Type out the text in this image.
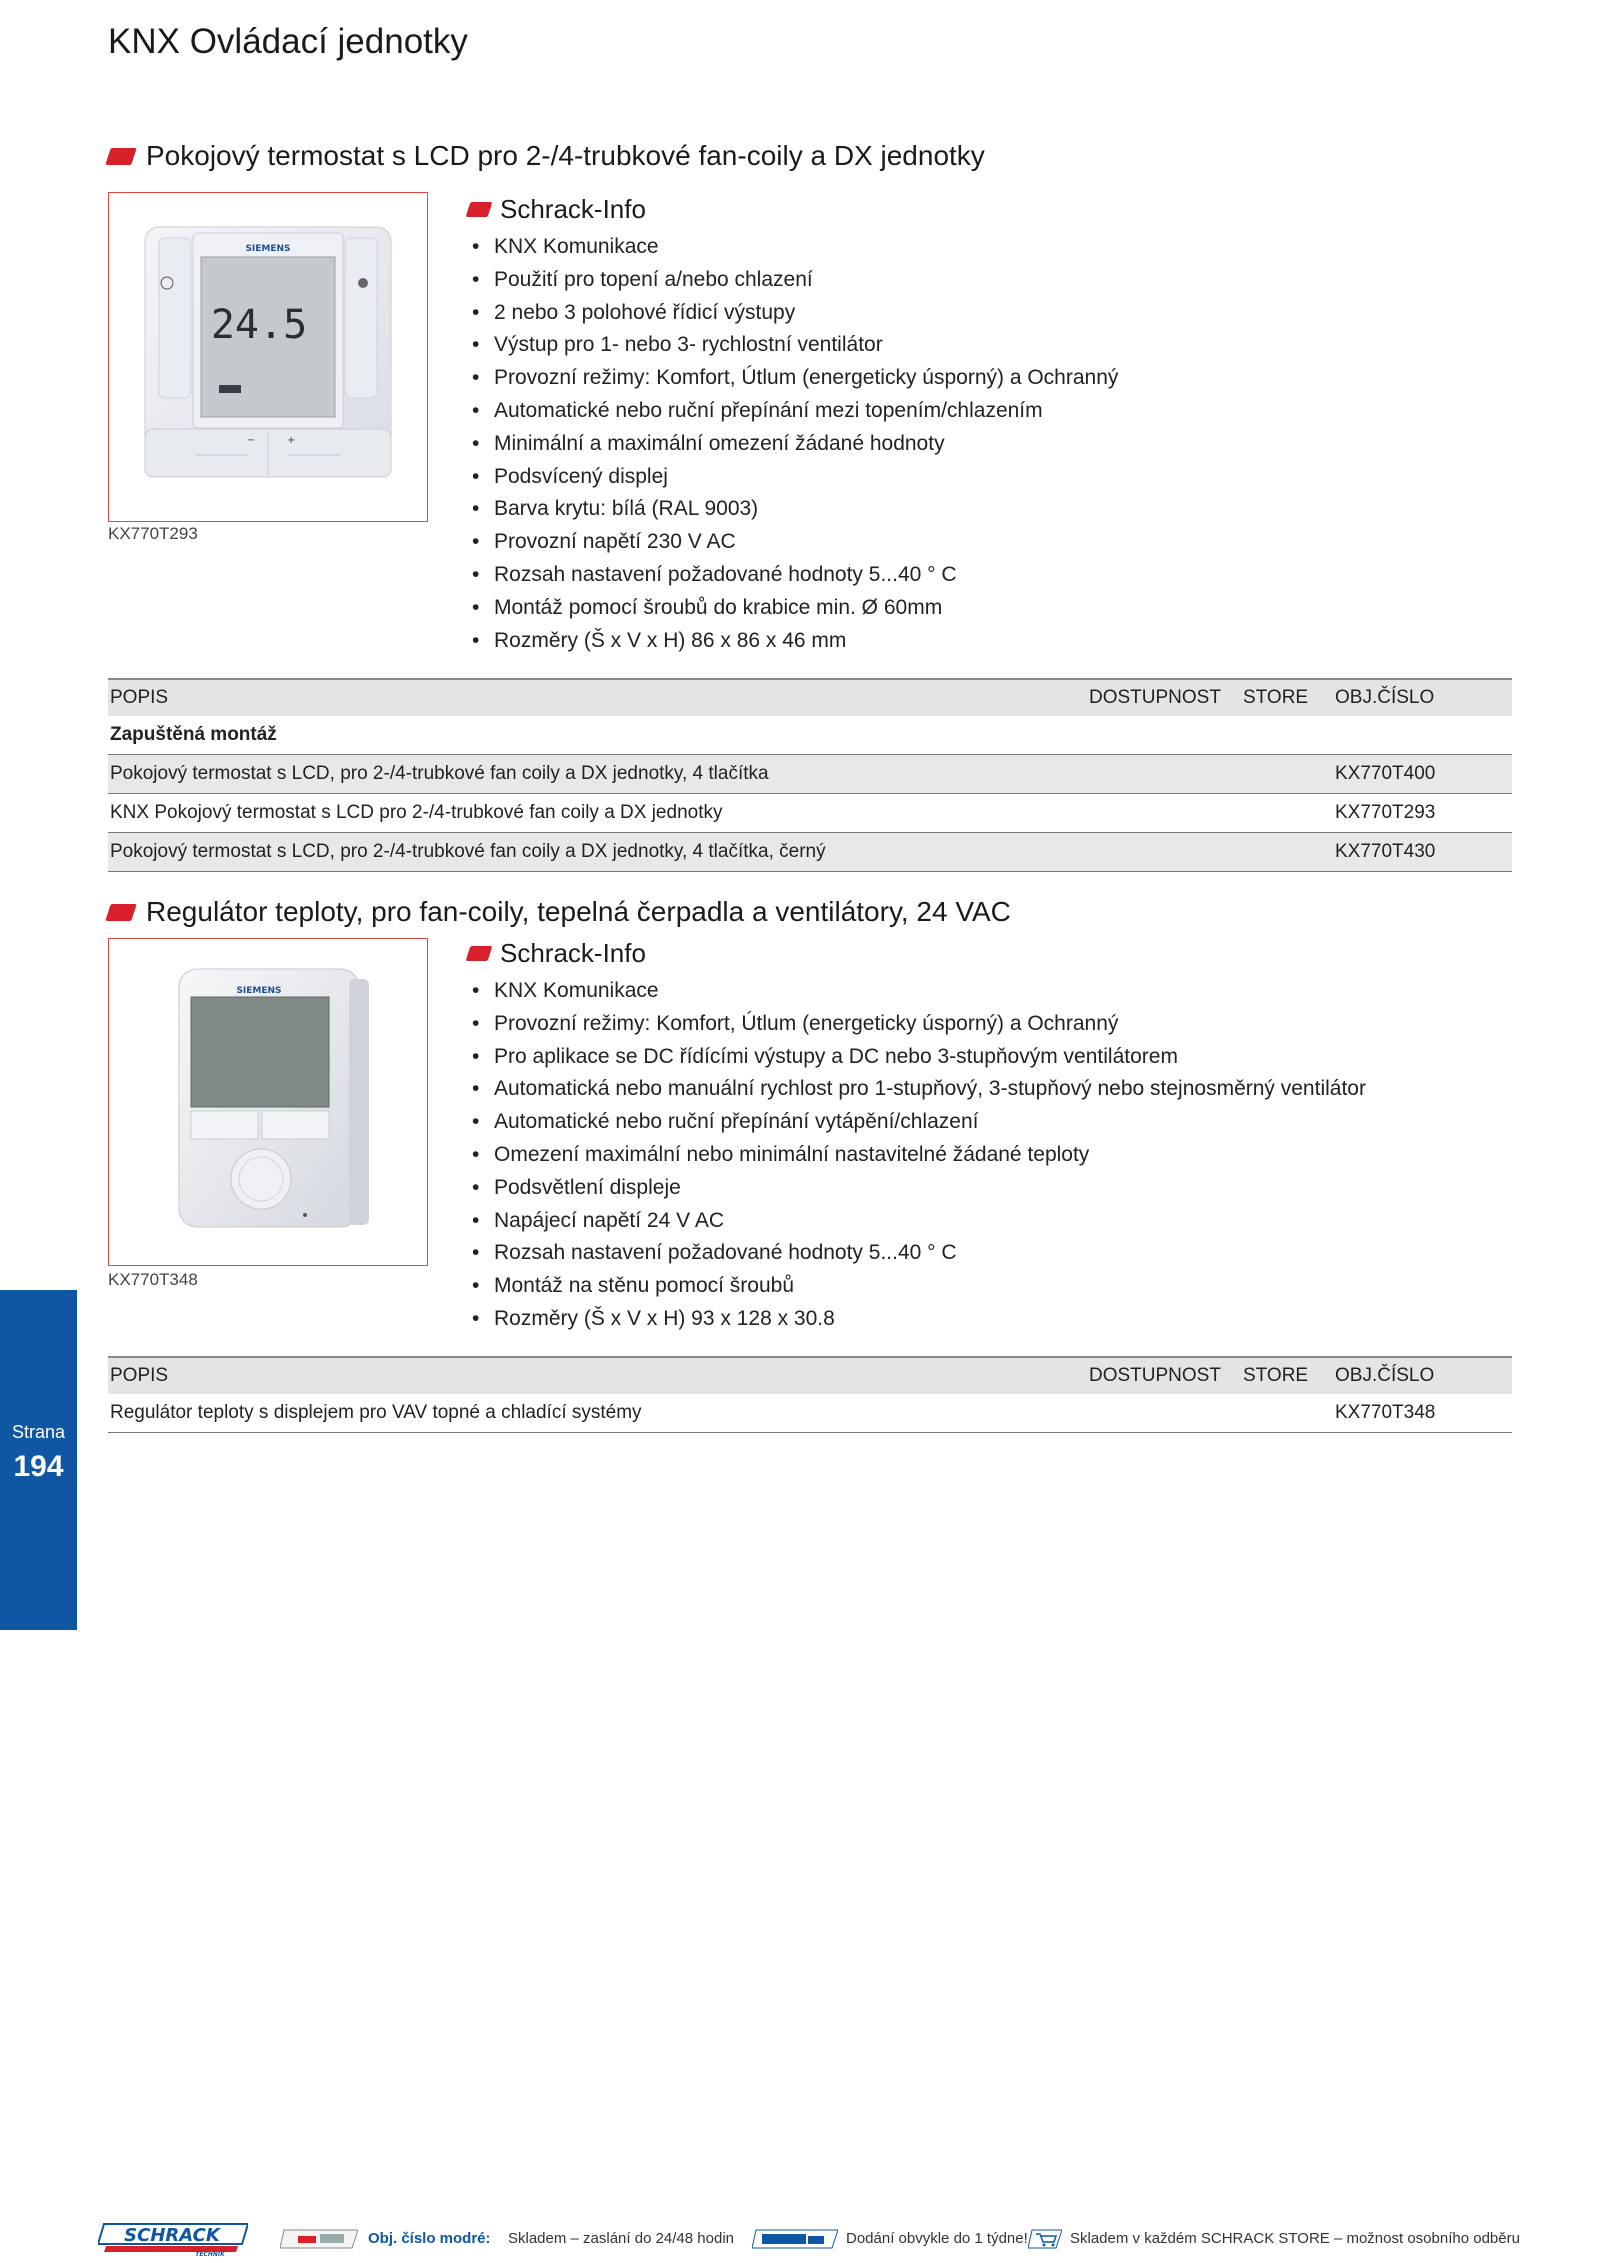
KNX Ovládací jednotky
Pokojový termostat s LCD pro 2-/4-trubkové fan-coily a DX jednotky
SIEMENS
24.5
−	+
KX770T293
Schrack-Info
• KNX Komunikace
• Použití pro topení a/nebo chlazení
• 2 nebo 3 polohové řídicí výstupy
• Výstup pro 1- nebo 3- rychlostní ventilátor
• Provozní režimy: Komfort, Útlum (energeticky úsporný) a Ochranný
• Automatické nebo ruční přepínání mezi topením/chlazením
• Minimální a maximální omezení žádané hodnoty
• Podsvícený displej
• Barva krytu: bílá (RAL 9003)
• Provozní napětí 230 V AC
• Rozsah nastavení požadované hodnoty 5...40 ° C
• Montáž pomocí šroubů do krabice min. Ø 60mm
• Rozměry (Š x V x H) 86 x 86 x 46 mm
POPIS	DOSTUPNOST STORE OBJ.ČÍSLO
Zapuštěná montáž
Pokojový termostat s LCD, pro 2-/4-trubkové fan coily a DX jednotky, 4 tlačítka	KX770T400
KNX Pokojový termostat s LCD pro 2-/4-trubkové fan coily a DX jednotky	KX770T293
Pokojový termostat s LCD, pro 2-/4-trubkové fan coily a DX jednotky, 4 tlačítka, černý	KX770T430
Regulátor teploty, pro fan-coily, tepelná čerpadla a ventilátory, 24 VAC
SIEMENS
KX770T348
Schrack-Info
• KNX Komunikace
• Provozní režimy: Komfort, Útlum (energeticky úsporný) a Ochranný
• Pro aplikace se DC řídícími výstupy a DC nebo 3-stupňovým ventilátorem
• Automatická nebo manuální rychlost pro 1-stupňový, 3-stupňový nebo stejnosměrný ventilátor
• Automatické nebo ruční přepínání vytápění/chlazení
• Omezení maximální nebo minimální nastavitelné žádané teploty
• Podsvětlení displeje
• Napájecí napětí 24 V AC
• Rozsah nastavení požadované hodnoty 5...40 ° C
• Montáž na stěnu pomocí šroubů
• Rozměry (Š x V x H) 93 x 128 x 30.8
POPIS	DOSTUPNOST STORE OBJ.ČÍSLO
Regulátor teploty s displejem pro VAV topné a chladící systémy	KX770T348
Strana
194
SCHRACK
TECHNIK
Obj. číslo modré: Skladem – zaslání do 24/48 hodin	Dodání obvykle do 1 týdne!	Skladem v každém SCHRACK STORE – možnost osobního odběru
